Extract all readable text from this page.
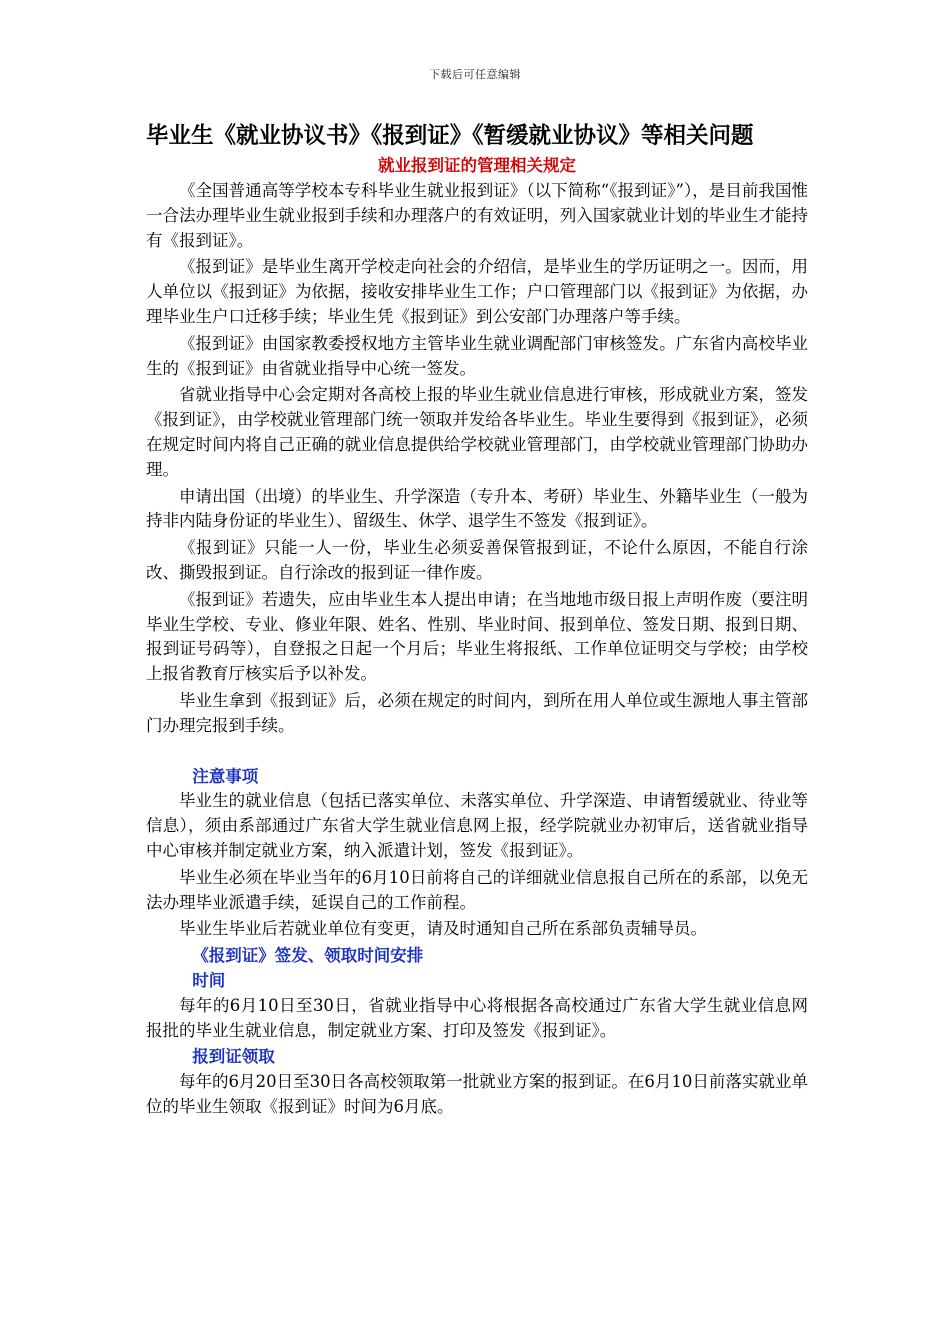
下载后可任意编辑
毕业生《就业协议书》《报到证》《暂缓就业协议》等相关问题
就业报到证的管理相关规定

《全国普通高等学校本专科毕业生就业报到证》（以下简称“《报到证》”），是目前我国惟一合法办理毕业生就业报到手续和办理落户的有效证明，列入国家就业计划的毕业生才能持有《报到证》。

《报到证》是毕业生离开学校走向社会的介绍信，是毕业生的学历证明之一。因而，用人单位以《报到证》为依据，接收安排毕业生工作；户口管理部门以《报到证》为依据，办理毕业生户口迁移手续；毕业生凭《报到证》到公安部门办理落户等手续。

《报到证》由国家教委授权地方主管毕业生就业调配部门审核签发。广东省内高校毕业生的《报到证》由省就业指导中心统一签发。

省就业指导中心会定期对各高校上报的毕业生就业信息进行审核，形成就业方案，签发《报到证》，由学校就业管理部门统一领取并发给各毕业生。毕业生要得到《报到证》，必须在规定时间内将自己正确的就业信息提供给学校就业管理部门，由学校就业管理部门协助办理。

申请出国（出境）的毕业生、升学深造（专升本、考研）毕业生、外籍毕业生（一般为持非内陆身份证的毕业生）、留级生、休学、退学生不签发《报到证》。

《报到证》只能一人一份，毕业生必须妥善保管报到证，不论什么原因，不能自行涂改、撕毁报到证。自行涂改的报到证一律作废。

《报到证》若遗失，应由毕业生本人提出申请；在当地地市级日报上声明作废（要注明毕业生学校、专业、修业年限、姓名、性别、毕业时间、报到单位、签发日期、报到日期、报到证号码等），自登报之日起一个月后；毕业生将报纸、工作单位证明交与学校；由学校上报省教育厅核实后予以补发。

毕业生拿到《报到证》后，必须在规定的时间内，到所在用人单位或生源地人事主管部门办理完报到手续。

注意事项

毕业生的就业信息（包括已落实单位、未落实单位、升学深造、申请暂缓就业、待业等信息），须由系部通过广东省大学生就业信息网上报，经学院就业办初审后，送省就业指导中心审核并制定就业方案，纳入派遣计划，签发《报到证》。

毕业生必须在毕业当年的6月10日前将自己的详细就业信息报自己所在的系部，以免无法办理毕业派遣手续，延误自己的工作前程。

毕业生毕业后若就业单位有变更，请及时通知自己所在系部负责辅导员。

《报到证》签发、领取时间安排
时间

每年的6月10日至30日，省就业指导中心将根据各高校通过广东省大学生就业信息网报批的毕业生就业信息，制定就业方案、打印及签发《报到证》。

报到证领取

每年的6月20日至30日各高校领取第一批就业方案的报到证。在6月10日前落实就业单位的毕业生领取《报到证》时间为6月底。
